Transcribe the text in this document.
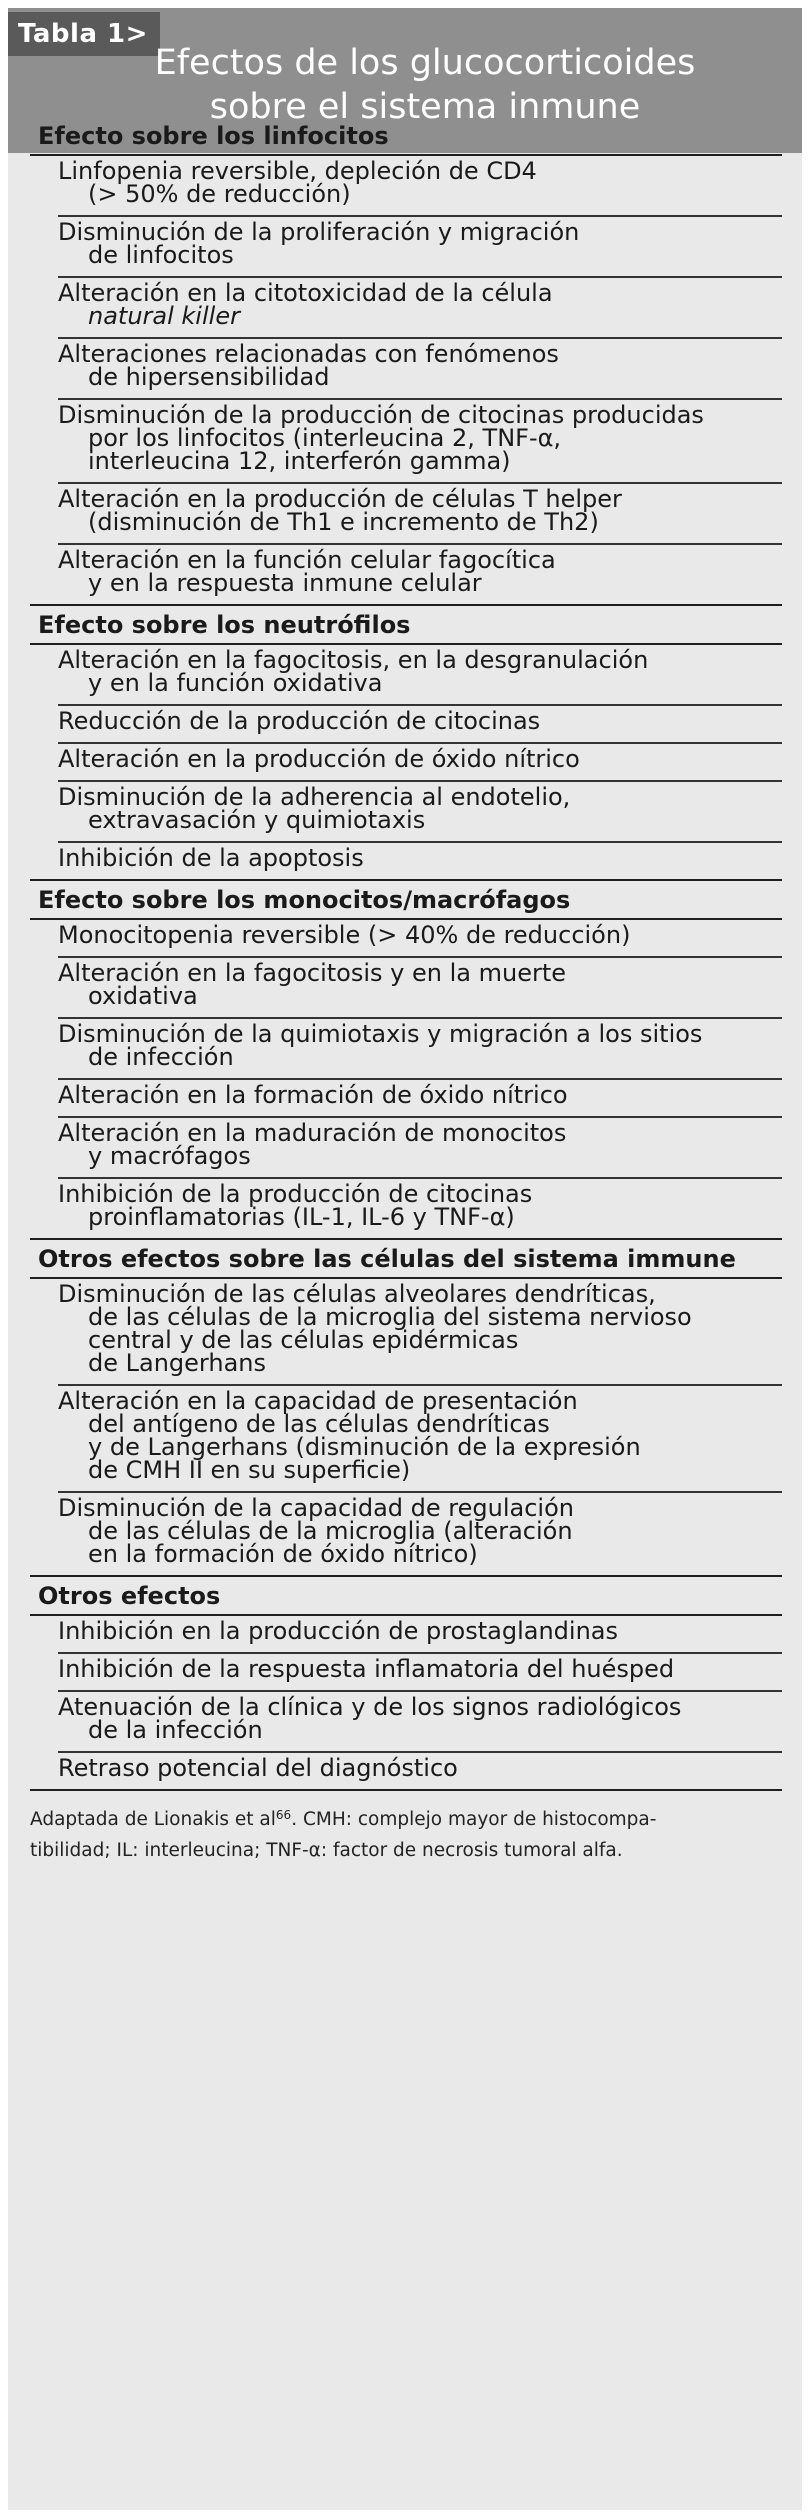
Tabla 1>
Efectos de los glucocorticoides
sobre el sistema inmune
Efecto sobre los linfocitos
Linfopenia reversible, depleción de CD4
(> 50% de reducción)
Disminución de la proliferación y migración
de linfocitos
Alteración en la citotoxicidad de la célula
natural killer
Alteraciones relacionadas con fenómenos
de hipersensibilidad
Disminución de la producción de citocinas producidas
por los linfocitos (interleucina 2, TNF-α,
interleucina 12, interferón gamma)
Alteración en la producción de células T helper
(disminución de Th1 e incremento de Th2)
Alteración en la función celular fagocítica
y en la respuesta inmune celular
Efecto sobre los neutrófilos
Alteración en la fagocitosis, en la desgranulación
y en la función oxidativa
Reducción de la producción de citocinas
Alteración en la producción de óxido nítrico
Disminución de la adherencia al endotelio,
extravasación y quimiotaxis
Inhibición de la apoptosis
Efecto sobre los monocitos/macrófagos
Monocitopenia reversible (> 40% de reducción)
Alteración en la fagocitosis y en la muerte
oxidativa
Disminución de la quimiotaxis y migración a los sitios
de infección
Alteración en la formación de óxido nítrico
Alteración en la maduración de monocitos
y macrófagos
Inhibición de la producción de citocinas
proinflamatorias (IL-1, IL-6 y TNF-α)
Otros efectos sobre las células del sistema immune
Disminución de las células alveolares dendríticas,
de las células de la microglia del sistema nervioso
central y de las células epidérmicas
de Langerhans
Alteración en la capacidad de presentación
del antígeno de las células dendríticas
y de Langerhans (disminución de la expresión
de CMH II en su superficie)
Disminución de la capacidad de regulación
de las células de la microglia (alteración
en la formación de óxido nítrico)
Otros efectos
Inhibición en la producción de prostaglandinas
Inhibición de la respuesta inflamatoria del huésped
Atenuación de la clínica y de los signos radiológicos
de la infección
Retraso potencial del diagnóstico
Adaptada de Lionakis et $al^{66}$. CMH: complejo mayor de histocompa-
tibilidad; IL: interleucina; TNF-α: factor de necrosis tumoral alfa.
